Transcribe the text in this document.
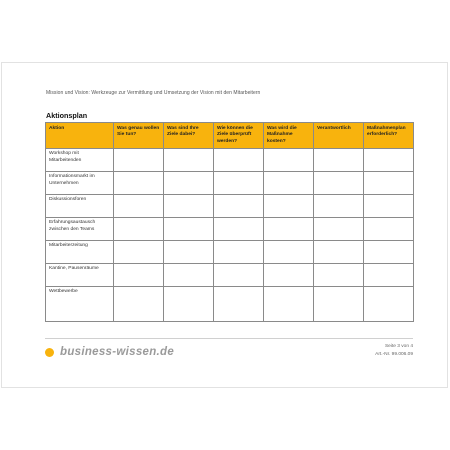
Mission und Vision: Werkzeuge zur Vermittlung und Umsetzung der Vision mit den Mitarbeitern
Aktionsplan
Aktion	Was genau wollen Sie tun?	Was sind Ihre Ziele dabei?	Wie können die Ziele überprüft werden?	Was wird die Maßnahme kosten?	Verantwortlich	Maßnahmenplan erforderlich?
Workshop mit Mitarbeitenden						
Informationsmarkt im Unternehmen						
Diskussionsforen						
Erfahrungsaustausch zwischen den Teams						
Mitarbeiterzeitung						
Kantine, Pausenräume						
Wettbewerbe						
business-wissen.de	Seite 3 von 4
Art.-Nr. 99.006.09
